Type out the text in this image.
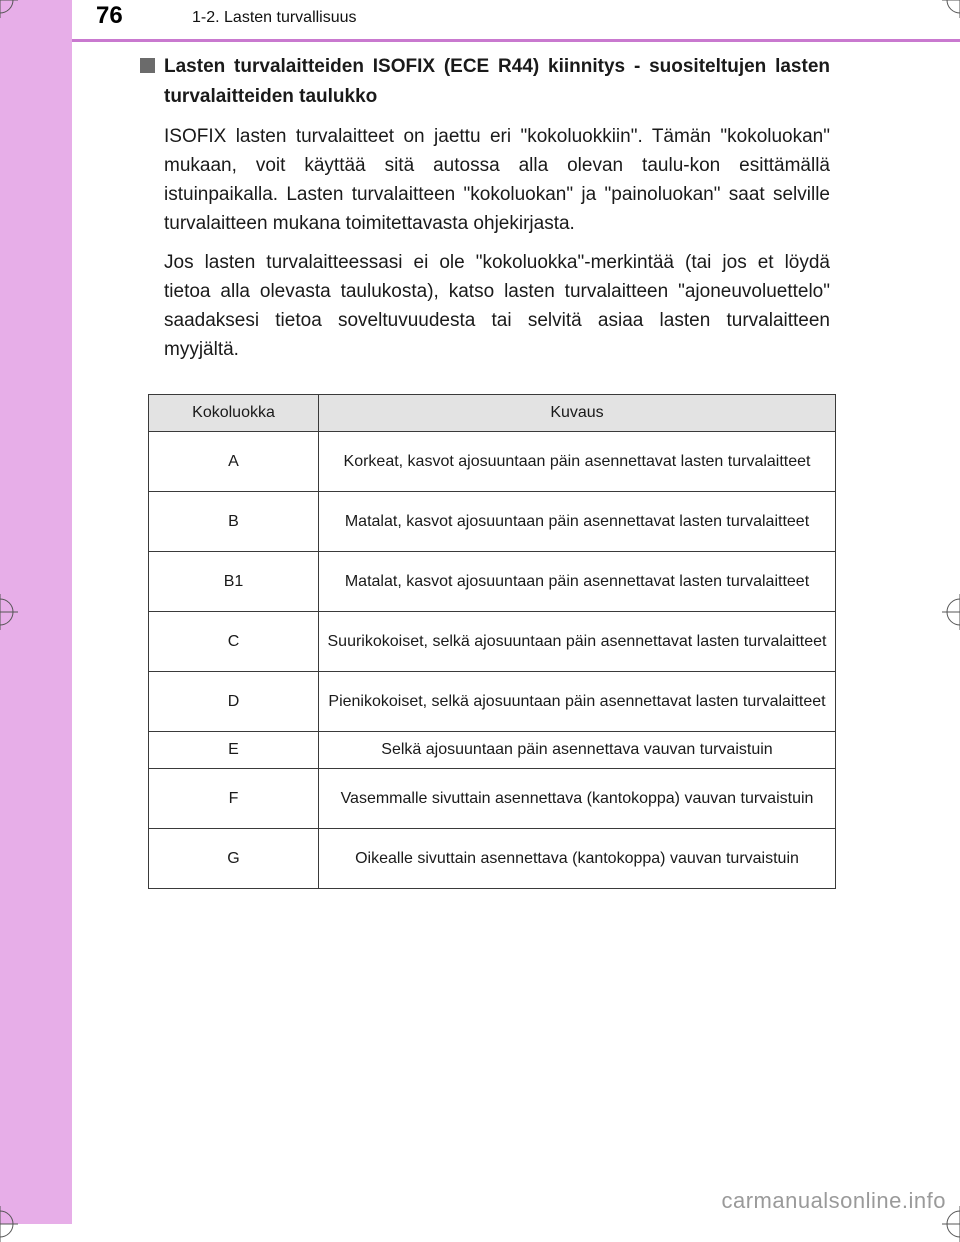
76	1-2. Lasten turvallisuus
Lasten turvalaitteiden ISOFIX (ECE R44) kiinnitys - suositeltujen lasten turvalaitteiden taulukko

ISOFIX lasten turvalaitteet on jaettu eri "kokoluokkiin". Tämän "kokoluokan" mukaan, voit käyttää sitä autossa alla olevan taulu-kon esittämällä istuinpaikalla. Lasten turvalaitteen "kokoluokan" ja "painoluokan" saat selville turvalaitteen mukana toimitettavasta ohjekirjasta.

Jos lasten turvalaitteessasi ei ole "kokoluokka"-merkintää (tai jos et löydä tietoa alla olevasta taulukosta), katso lasten turvalaitteen "ajoneuvoluettelo" saadaksesi tietoa soveltuvuudesta tai selvitä asiaa lasten turvalaitteen myyjältä.

Kokoluokka	Kuvaus
A	Korkeat, kasvot ajosuuntaan päin asennettavat lasten turvalaitteet
B	Matalat, kasvot ajosuuntaan päin asennettavat lasten turvalaitteet
B1	Matalat, kasvot ajosuuntaan päin asennettavat lasten turvalaitteet
C	Suurikokoiset, selkä ajosuuntaan päin asennettavat lasten turvalaitteet
D	Pienikokoiset, selkä ajosuuntaan päin asennettavat lasten turvalaitteet
E	Selkä ajosuuntaan päin asennettava vauvan turvaistuin
F	Vasemmalle sivuttain asennettava (kantokoppa) vauvan turvaistuin
G	Oikealle sivuttain asennettava (kantokoppa) vauvan turvaistuin
carmanualsonline.info
